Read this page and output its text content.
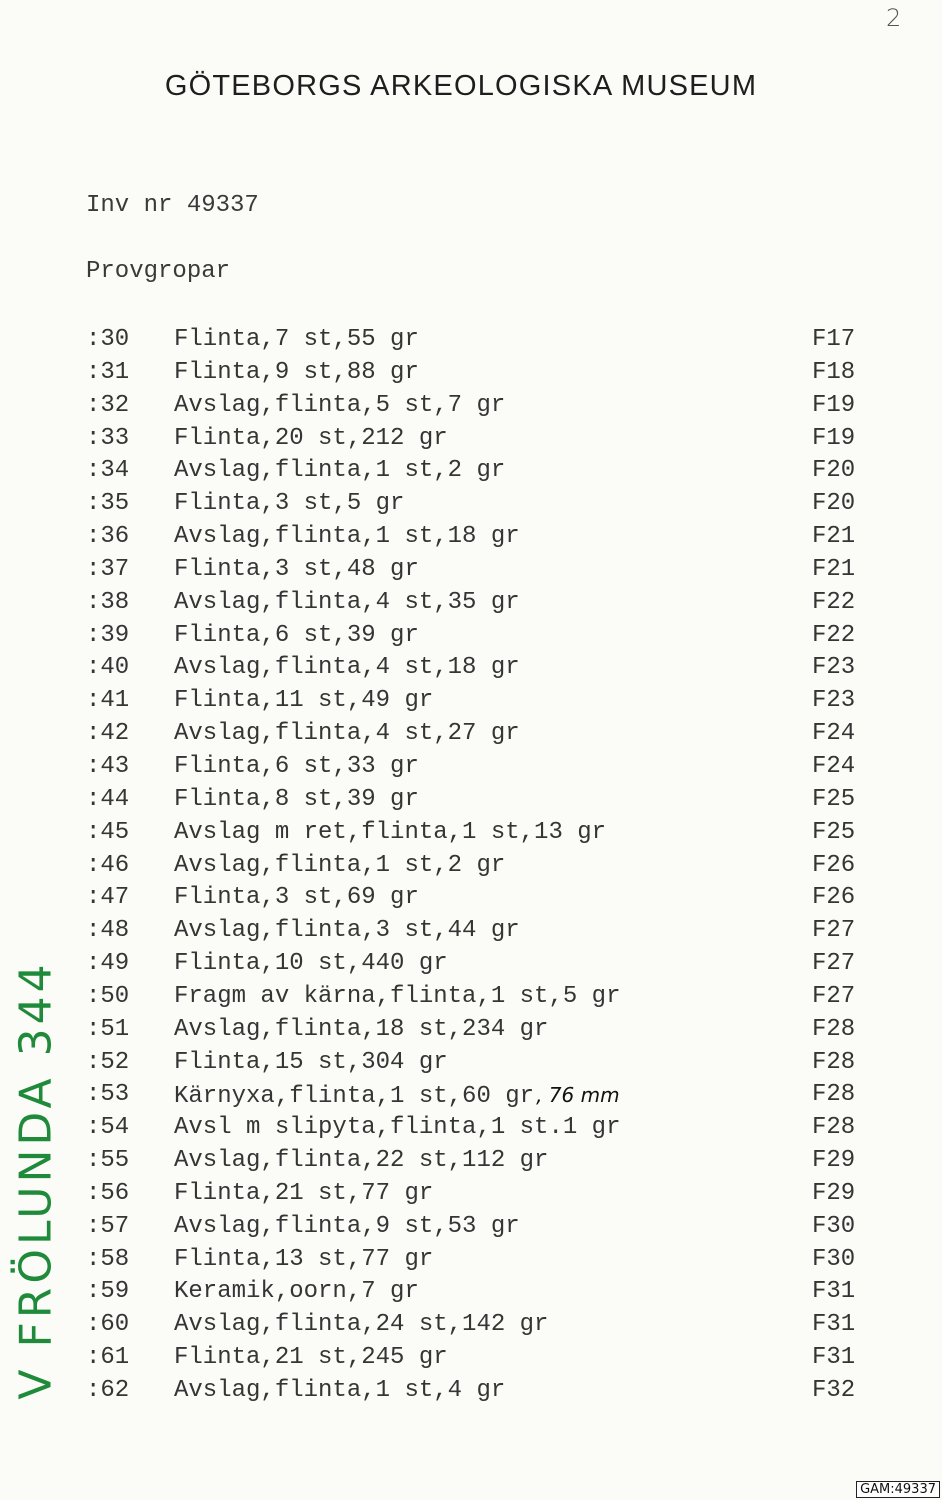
2
GÖTEBORGS ARKEOLOGISKA MUSEUM
Inv nr 49337
Provgropar
:30 Flinta,7 st,55 gr	F17
:31 Flinta,9 st,88 gr	F18
:32 Avslag,flinta,5 st,7 gr	F19
:33 Flinta,20 st,212 gr	F19
:34 Avslag,flinta,1 st,2 gr	F20
:35 Flinta,3 st,5 gr	F20
:36 Avslag,flinta,1 st,18 gr	F21
:37 Flinta,3 st,48 gr	F21
:38 Avslag,flinta,4 st,35 gr	F22
:39 Flinta,6 st,39 gr	F22
:40 Avslag,flinta,4 st,18 gr	F23
:41 Flinta,11 st,49 gr	F23
:42 Avslag,flinta,4 st,27 gr	F24
:43 Flinta,6 st,33 gr	F24
:44 Flinta,8 st,39 gr	F25
:45 Avslag m ret,flinta,1 st,13 gr	F25
:46 Avslag,flinta,1 st,2 gr	F26
:47 Flinta,3 st,69 gr	F26
:48 Avslag,flinta,3 st,44 gr	F27
:49 Flinta,10 st,440 gr	F27
:50 Fragm av kärna,flinta,1 st,5 gr	F27
:51 Avslag,flinta,18 st,234 gr	F28
:52 Flinta,15 st,304 gr	F28
:53 Kärnyxa,flinta,1 st,60 gr , 76 mm	F28
:54 Avsl m slipyta,flinta,1 st.1 gr	F28
:55 Avslag,flinta,22 st,112 gr	F29
:56 Flinta,21 st,77 gr	F29
:57 Avslag,flinta,9 st,53 gr	F30
:58 Flinta,13 st,77 gr	F30
:59 Keramik,oorn,7 gr	F31
:60 Avslag,flinta,24 st,142 gr	F31
:61 Flinta,21 st,245 gr	F31
:62 Avslag,flinta,1 st,4 gr	F32
V FRÖLUNDA 344
GAM:49337
